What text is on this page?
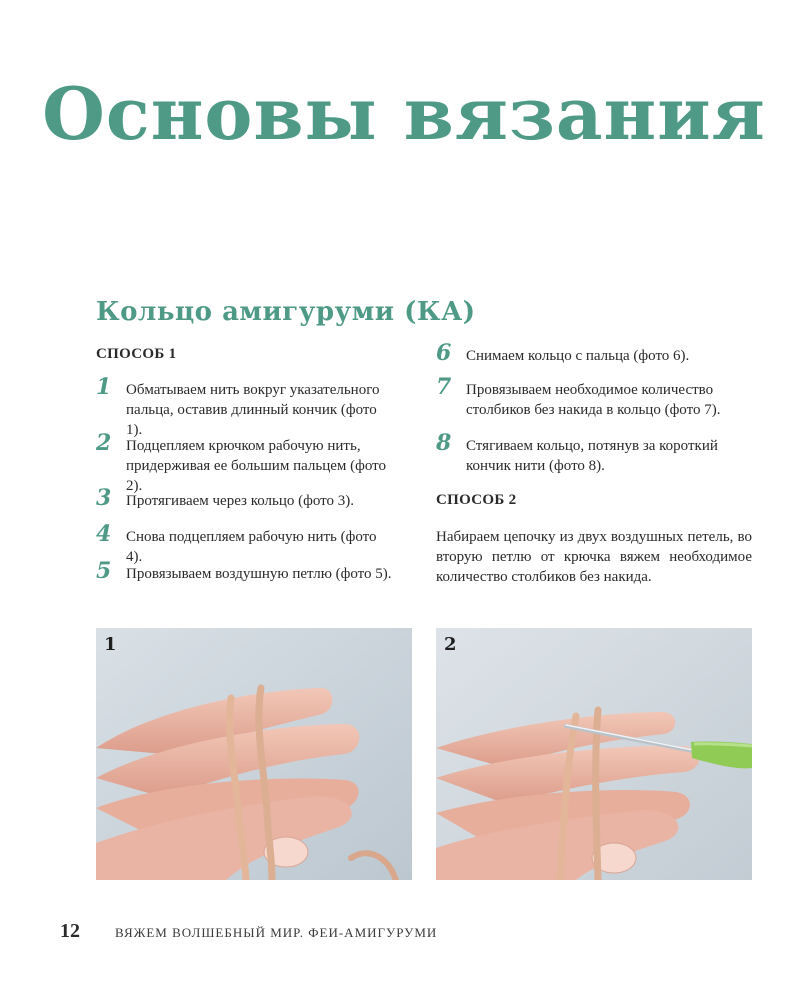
Основы вязания
Кольцо амигуруми (КА)
СПОСОБ 1
1 Обматываем нить вокруг указательного пальца, оставив длинный кончик (фото 1).
2 Подцепляем крючком рабочую нить, придерживая ее большим пальцем (фото 2).
3 Протягиваем через кольцо (фото 3).
4 Снова подцепляем рабочую нить (фото 4).
5 Провязываем воздушную петлю (фото 5).
6 Снимаем кольцо с пальца (фото 6).
7 Провязываем необходимое количество столбиков без накида в кольцо (фото 7).
8 Стягиваем кольцо, потянув за короткий кончик нити (фото 8).
СПОСОБ 2

Набираем цепочку из двух воздушных петель, во вторую петлю от крючка вяжем необходимое количество столбиков без накида.

1	2
12	ВЯЖЕМ ВОЛШЕБНЫЙ МИР. ФЕИ-АМИГУРУМИ
